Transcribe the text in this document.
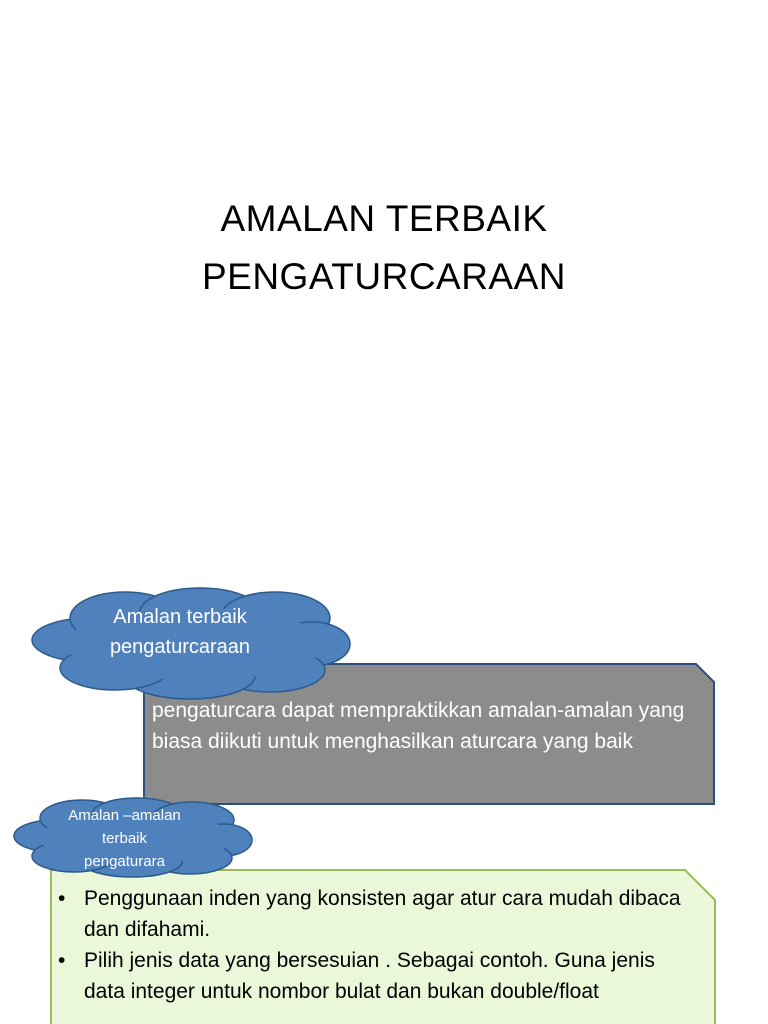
AMALAN TERBAIK
PENGATURCARAAN
pengaturcara dapat mempraktikkan amalan-amalan yang biasa diikuti untuk menghasilkan aturcara yang baik
• Penggunaan inden yang konsisten agar atur cara mudah dibaca dan difahami.
• Pilih jenis data yang bersesuian . Sebagai contoh. Guna jenis data integer untuk nombor bulat dan bukan double/float
Amalan terbaik
pengaturcaraan
Amalan –amalan
terbaik
pengaturara
